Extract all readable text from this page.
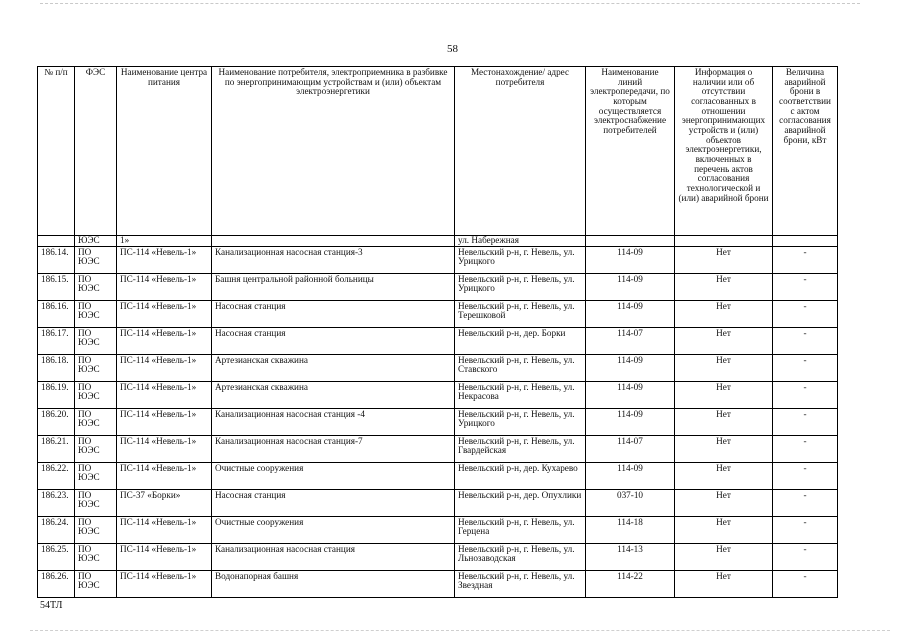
58
№ п/п	ФЭС	Наименование центра питания	Наименование потребителя, электроприемника в разбивке по энергопринимающим устройствам и (или) объектам электроэнергетики	Местонахождение/ адрес потребителя	Наименование линий электропередачи, по которым осуществляется электроснабжение потребителей	Информация о наличии или об отсутствии согласованных в отношении энергопринимающих устройств и (или) объектов электроэнергетики, включенных в перечень актов согласования технологической и (или) аварийной брони	Величина аварийной брони в соответствии с актом согласования аварийной брони, кВт
	ЮЭС	1»		ул. Набережная			
186.14.	ПО ЮЭС	ПС-114 «Невель-1»	Канализационная насосная станция-3	Невельский р-н, г. Невель, ул. Урицкого	114-09	Нет	-
186.15.	ПО ЮЭС	ПС-114 «Невель-1»	Башня центральной районной больницы	Невельский р-н, г. Невель, ул. Урицкого	114-09	Нет	-
186.16.	ПО ЮЭС	ПС-114 «Невель-1»	Насосная станция	Невельский р-н, г. Невель, ул. Терешковой	114-09	Нет	-
186.17.	ПО ЮЭС	ПС-114 «Невель-1»	Насосная станция	Невельский р-н, дер. Борки	114-07	Нет	-
186.18.	ПО ЮЭС	ПС-114 «Невель-1»	Артезианская скважина	Невельский р-н, г. Невель, ул. Ставского	114-09	Нет	-
186.19.	ПО ЮЭС	ПС-114 «Невель-1»	Артезианская скважина	Невельский р-н, г. Невель, ул. Некрасова	114-09	Нет	-
186.20.	ПО ЮЭС	ПС-114 «Невель-1»	Канализационная насосная станция -4	Невельский р-н, г. Невель, ул. Урицкого	114-09	Нет	-
186.21.	ПО ЮЭС	ПС-114 «Невель-1»	Канализационная насосная станция-7	Невельский р-н, г. Невель, ул. Гвардейская	114-07	Нет	-
186.22.	ПО ЮЭС	ПС-114 «Невель-1»	Очистные сооружения	Невельский р-н, дер. Кухарево	114-09	Нет	-
186.23.	ПО ЮЭС	ПС-37 «Борки»	Насосная станция	Невельский р-н, дер. Опухлики	037-10	Нет	-
186.24.	ПО ЮЭС	ПС-114 «Невель-1»	Очистные сооружения	Невельский р-н, г. Невель, ул. Герцена	114-18	Нет	-
186.25.	ПО ЮЭС	ПС-114 «Невель-1»	Канализационная насосная станция	Невельский р-н, г. Невель, ул. Льнозаводская	114-13	Нет	-
186.26.	ПО ЮЭС	ПС-114 «Невель-1»	Водонапорная башня	Невельский р-н, г. Невель, ул. Звездная	114-22	Нет	-
54ТЛ
